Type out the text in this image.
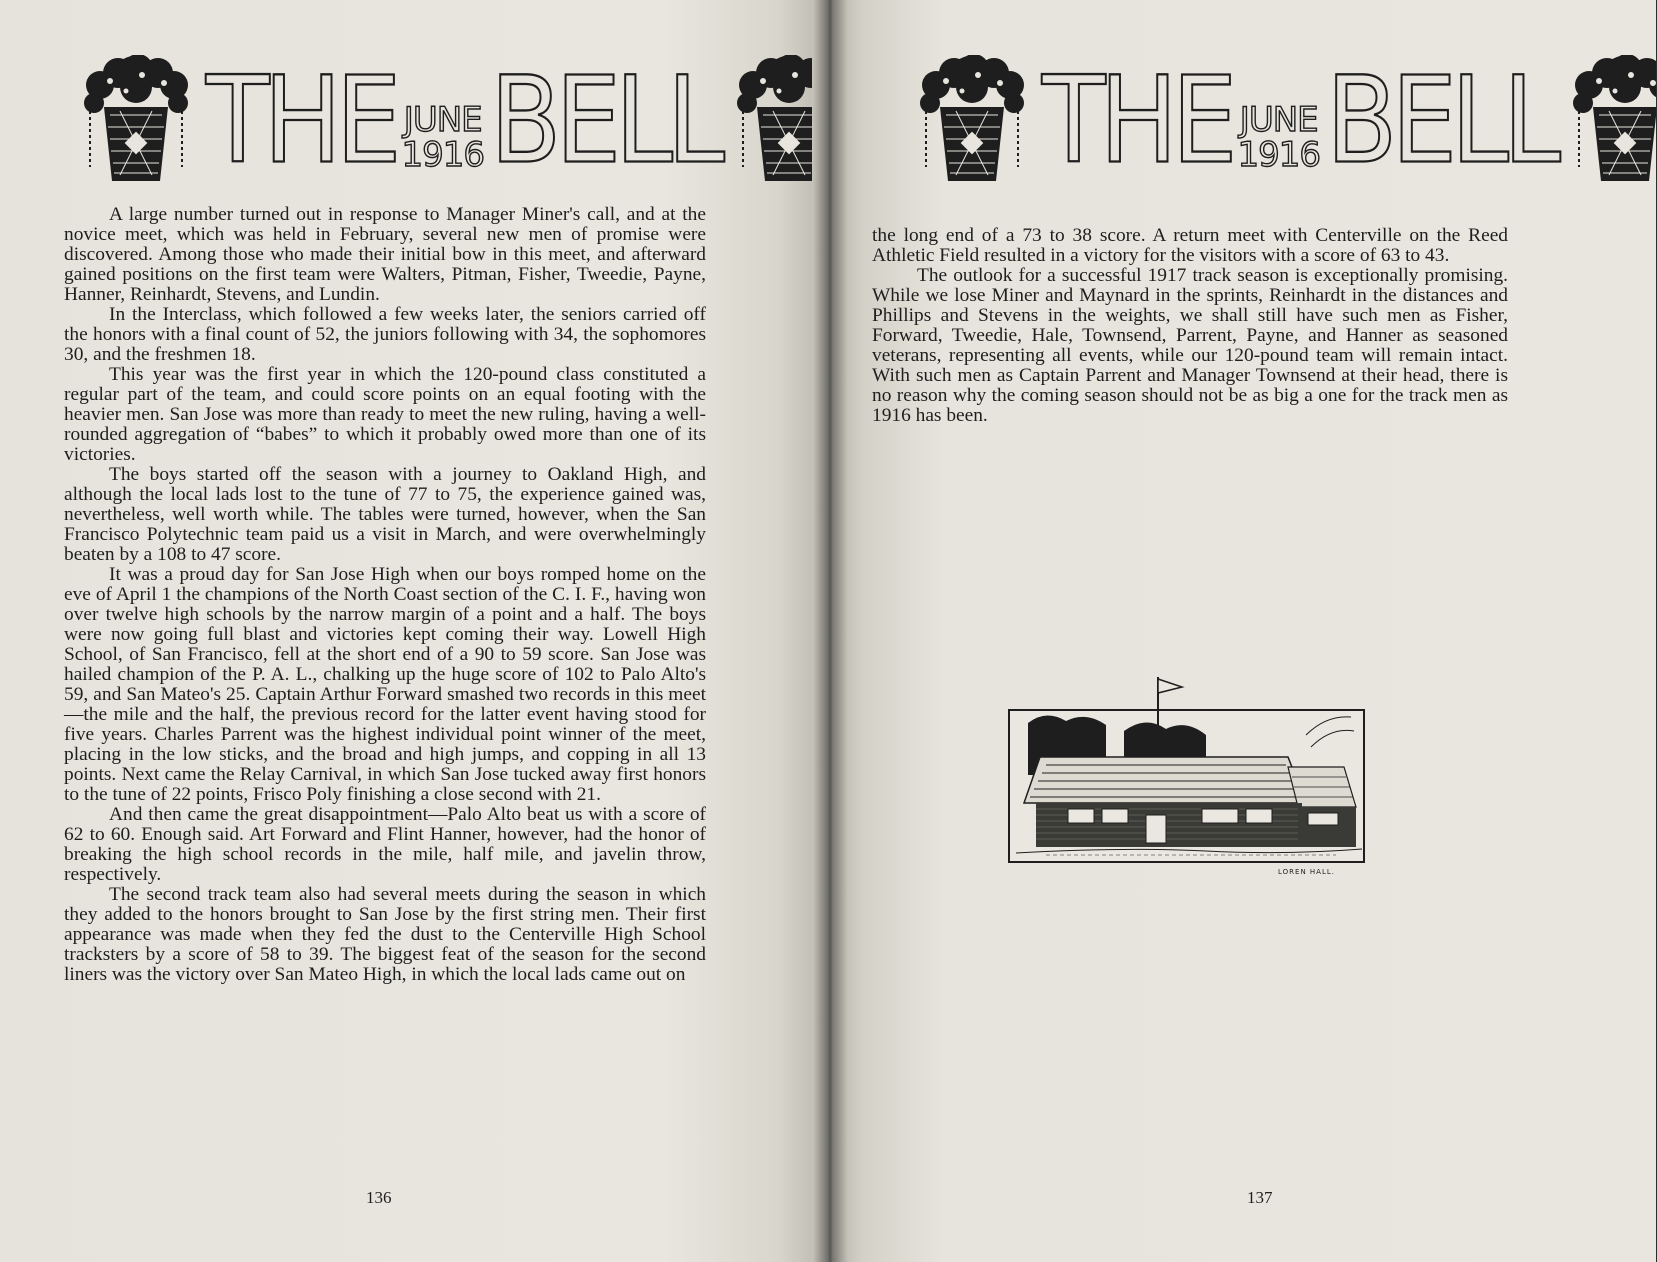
THE JUNE
1916 BELL

A large number turned out in response to Manager Miner's call, and at the novice meet, which was held in February, several new men of promise were discovered. Among those who made their initial bow in this meet, and afterward gained positions on the first team were Walters, Pitman, Fisher, Tweedie, Payne, Hanner, Reinhardt, Stevens, and Lundin.

In the Interclass, which followed a few weeks later, the seniors carried off the honors with a final count of 52, the juniors following with 34, the sophomores 30, and the freshmen 18.

This year was the first year in which the 120-pound class constituted a regular part of the team, and could score points on an equal footing with the heavier men. San Jose was more than ready to meet the new ruling, having a well-rounded aggregation of “babes” to which it probably owed more than one of its victories.

The boys started off the season with a journey to Oakland High, and although the local lads lost to the tune of 77 to 75, the experience gained was, nevertheless, well worth while. The tables were turned, however, when the San Francisco Polytechnic team paid us a visit in March, and were overwhelmingly beaten by a 108 to 47 score.

It was a proud day for San Jose High when our boys romped home on the eve of April 1 the champions of the North Coast section of the C. I. F., having won over twelve high schools by the narrow margin of a point and a half. The boys were now going full blast and victories kept coming their way. Lowell High School, of San Francisco, fell at the short end of a 90 to 59 score. San Jose was hailed champion of the P. A. L., chalking up the huge score of 102 to Palo Alto's 59, and San Mateo's 25. Captain Arthur Forward smashed two records in this meet—the mile and the half, the previous record for the latter event having stood for five years. Charles Parrent was the highest individual point winner of the meet, placing in the low sticks, and the broad and high jumps, and copping in all 13 points. Next came the Relay Carnival, in which San Jose tucked away first honors to the tune of 22 points, Frisco Poly finishing a close second with 21.

And then came the great disappointment—Palo Alto beat us with a score of 62 to 60. Enough said. Art Forward and Flint Hanner, however, had the honor of breaking the high school records in the mile, half mile, and javelin throw, respectively.

The second track team also had several meets during the season in which they added to the honors brought to San Jose by the first string men. Their first appearance was made when they fed the dust to the Centerville High School tracksters by a score of 58 to 39. The biggest feat of the season for the second liners was the victory over San Mateo High, in which the local lads came out on

136
THE JUNE
1916 BELL
137

the long end of a 73 to 38 score. A return meet with Centerville on the Reed Athletic Field resulted in a victory for the visitors with a score of 63 to 43.

The outlook for a successful 1917 track season is exceptionally promising. While we lose Miner and Maynard in the sprints, Reinhardt in the distances and Phillips and Stevens in the weights, we shall still have such men as Fisher, Forward, Tweedie, Hale, Townsend, Parrent, Payne, and Hanner as seasoned veterans, representing all events, while our 120-pound team will remain intact. With such men as Captain Parrent and Manager Townsend at their head, there is no reason why the coming season should not be as big a one for the track men as 1916 has been.

LOREN HALL.
